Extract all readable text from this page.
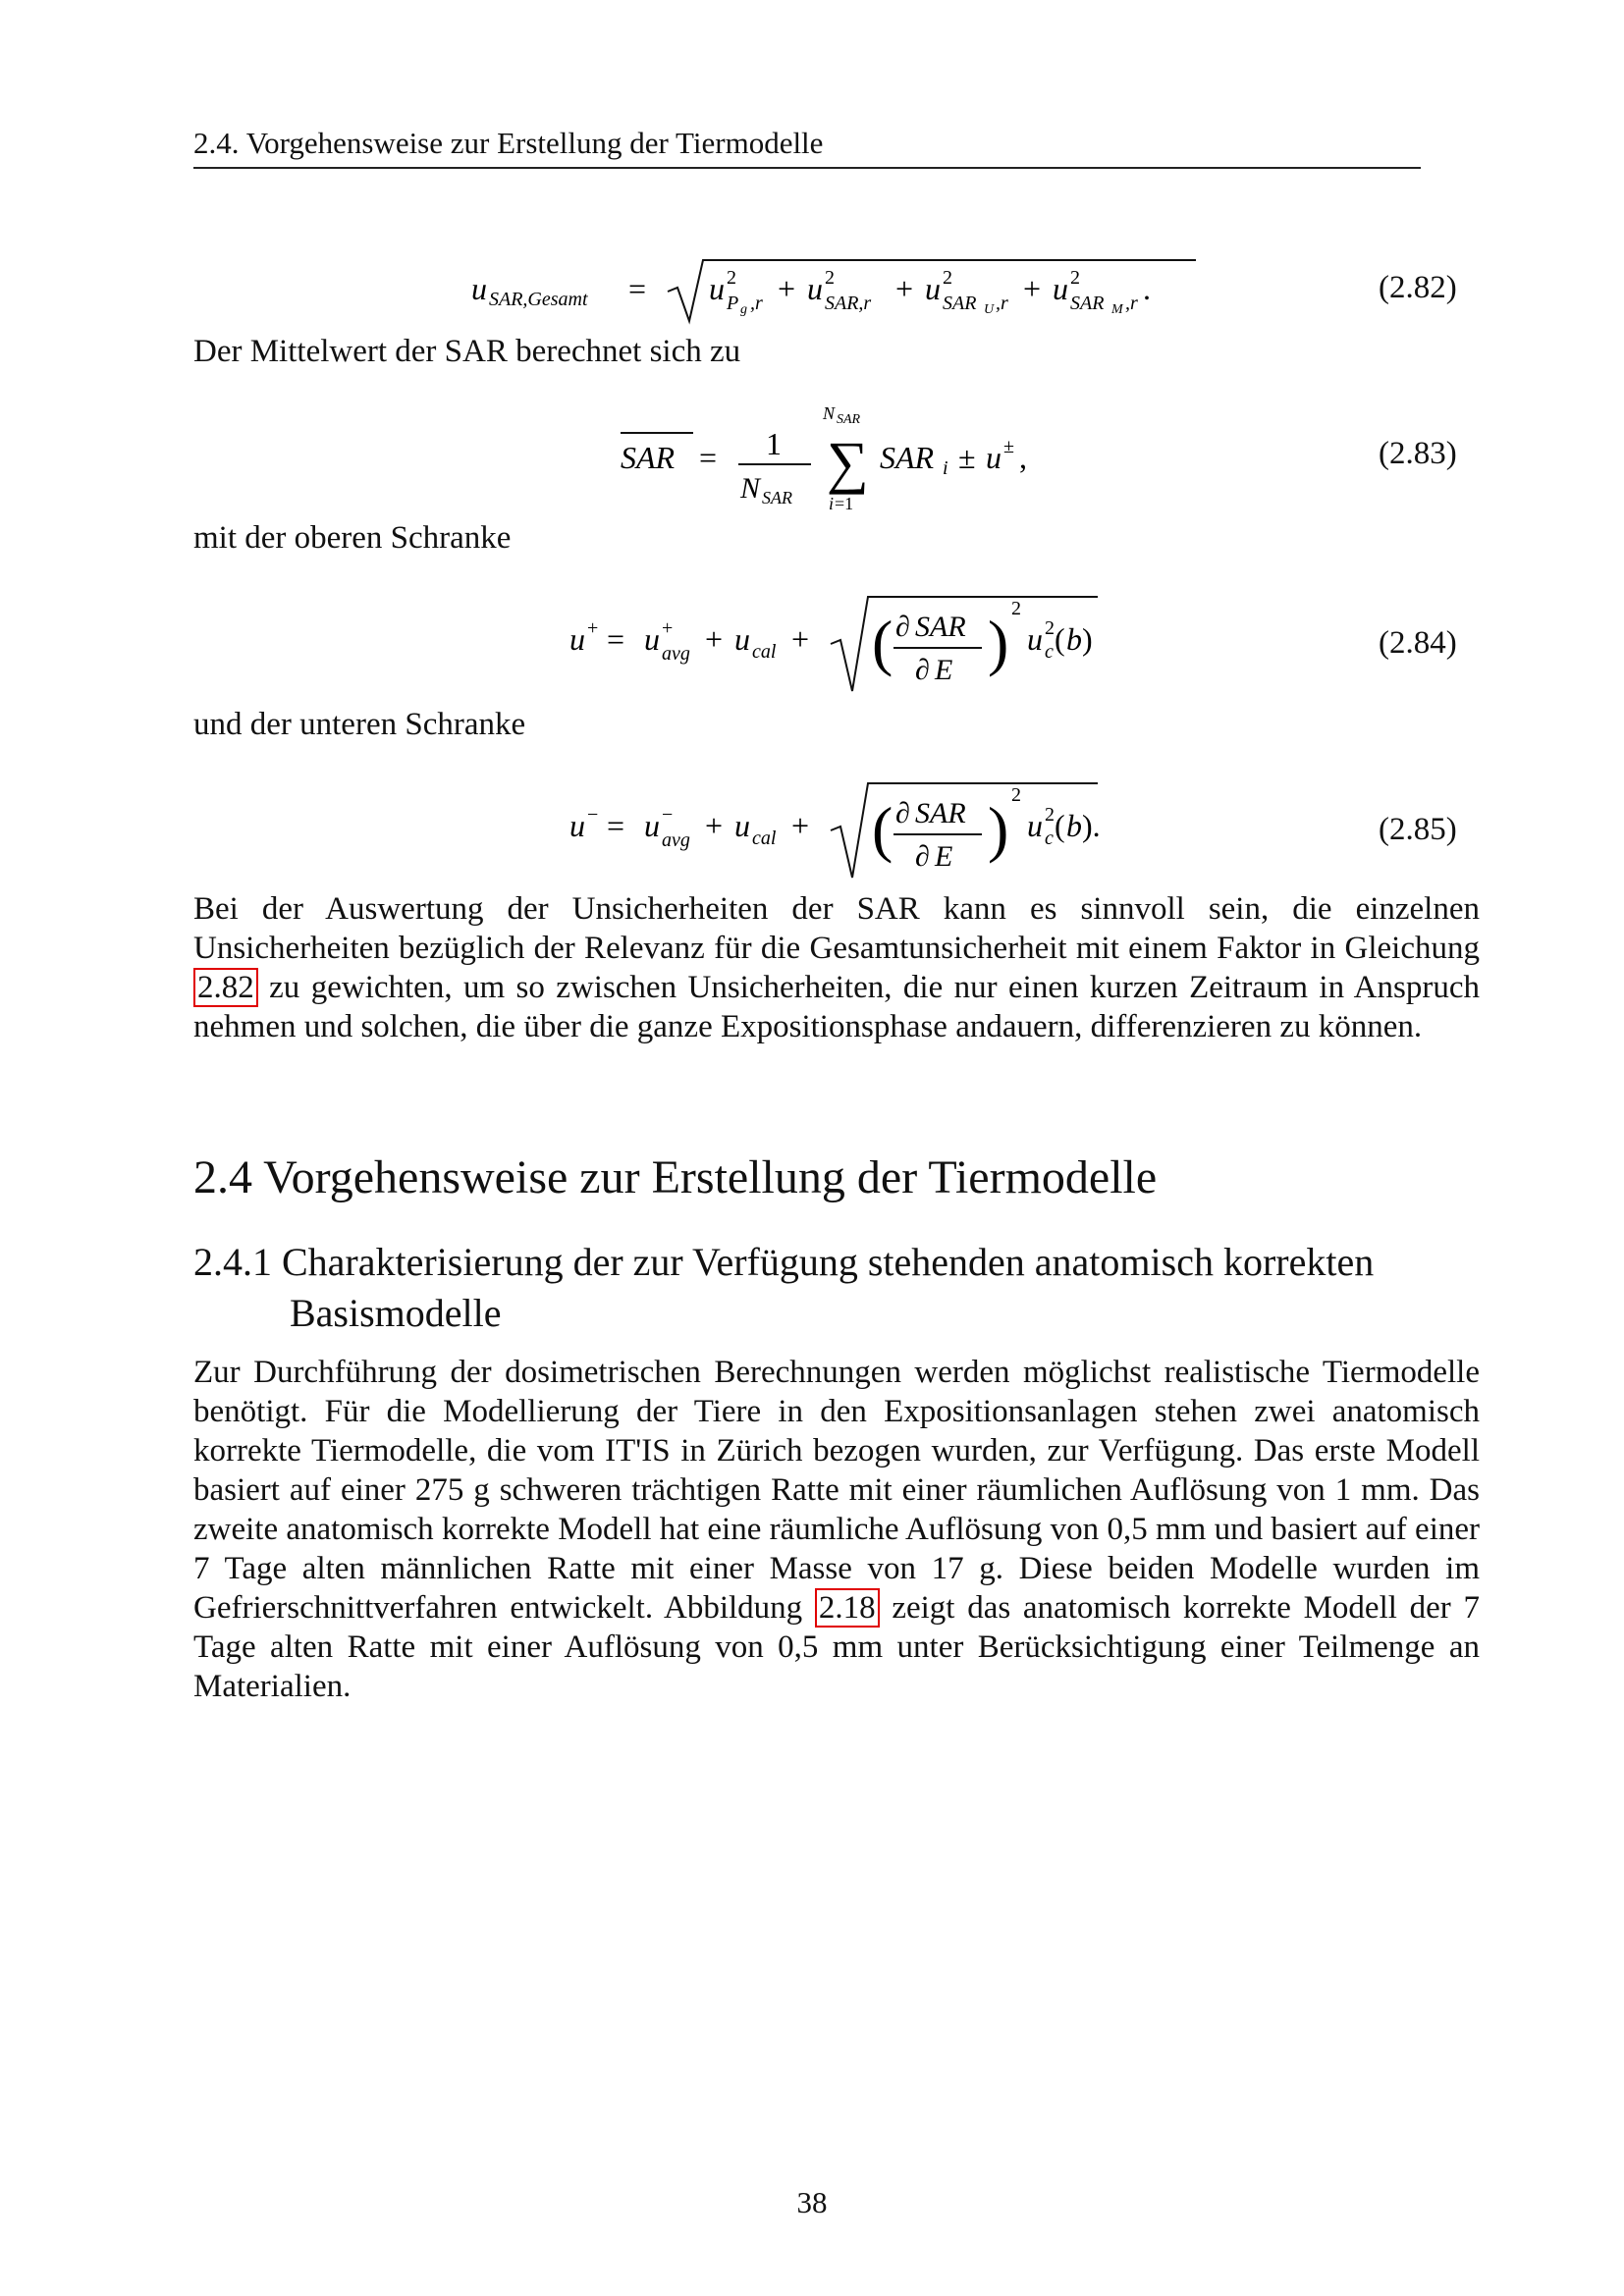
2.4. Vorgehensweise zur Erstellung der Tiermodelle
u SAR,Gesamt = u 2
P g ,r + u 2
SAR,r + u 2
SAR U ,r + u 2
SAR M ,r .	(2.82)
Der Mittelwert der SAR berechnet sich zu
SAR = 1
N SAR
N SAR
∑
i =1
SAR i ± u ± ,	(2.83)
mit der oberen Schranke
u + = u +
avg + u cal + ( ∂ SAR
∂ E ) 2
u 2
c ( b )	(2.84)
und der unteren Schranke
u − = u −
avg + u cal + ( ∂ SAR
∂ E ) 2
u 2
c ( b ).	(2.85)
Bei der Auswertung der Unsicherheiten der SAR kann es sinnvoll sein, die einzelnen Unsicherheiten bezüglich der Relevanz für die Gesamtunsicherheit mit einem Faktor in Gleichung 2.82 zu gewichten, um so zwischen Unsicherheiten, die nur einen kurzen Zeitraum in Anspruch nehmen und solchen, die über die ganze Expositionsphase andauern, differenzieren zu können.
2.4 Vorgehensweise zur Erstellung der Tiermodelle
2.4.1 Charakterisierung der zur Verfügung stehenden anatomisch korrekten
Basismodelle
Zur Durchführung der dosimetrischen Berechnungen werden möglichst realistische Tiermodelle benötigt. Für die Modellierung der Tiere in den Expositionsanlagen stehen zwei anatomisch korrekte Tiermodelle, die vom IT'IS in Zürich bezogen wurden, zur Verfügung. Das erste Modell basiert auf einer 275 g schweren trächtigen Ratte mit einer räumlichen Auflösung von 1 mm. Das zweite anatomisch korrekte Modell hat eine räumliche Auflösung von 0,5 mm und basiert auf einer 7 Tage alten männlichen Ratte mit einer Masse von 17 g. Diese beiden Modelle wurden im Gefrierschnittverfahren entwickelt. Abbildung 2.18 zeigt das anatomisch korrekte Modell der 7 Tage alten Ratte mit einer Auflösung von 0,5 mm unter Berücksichtigung einer Teilmenge an Materialien.
38
